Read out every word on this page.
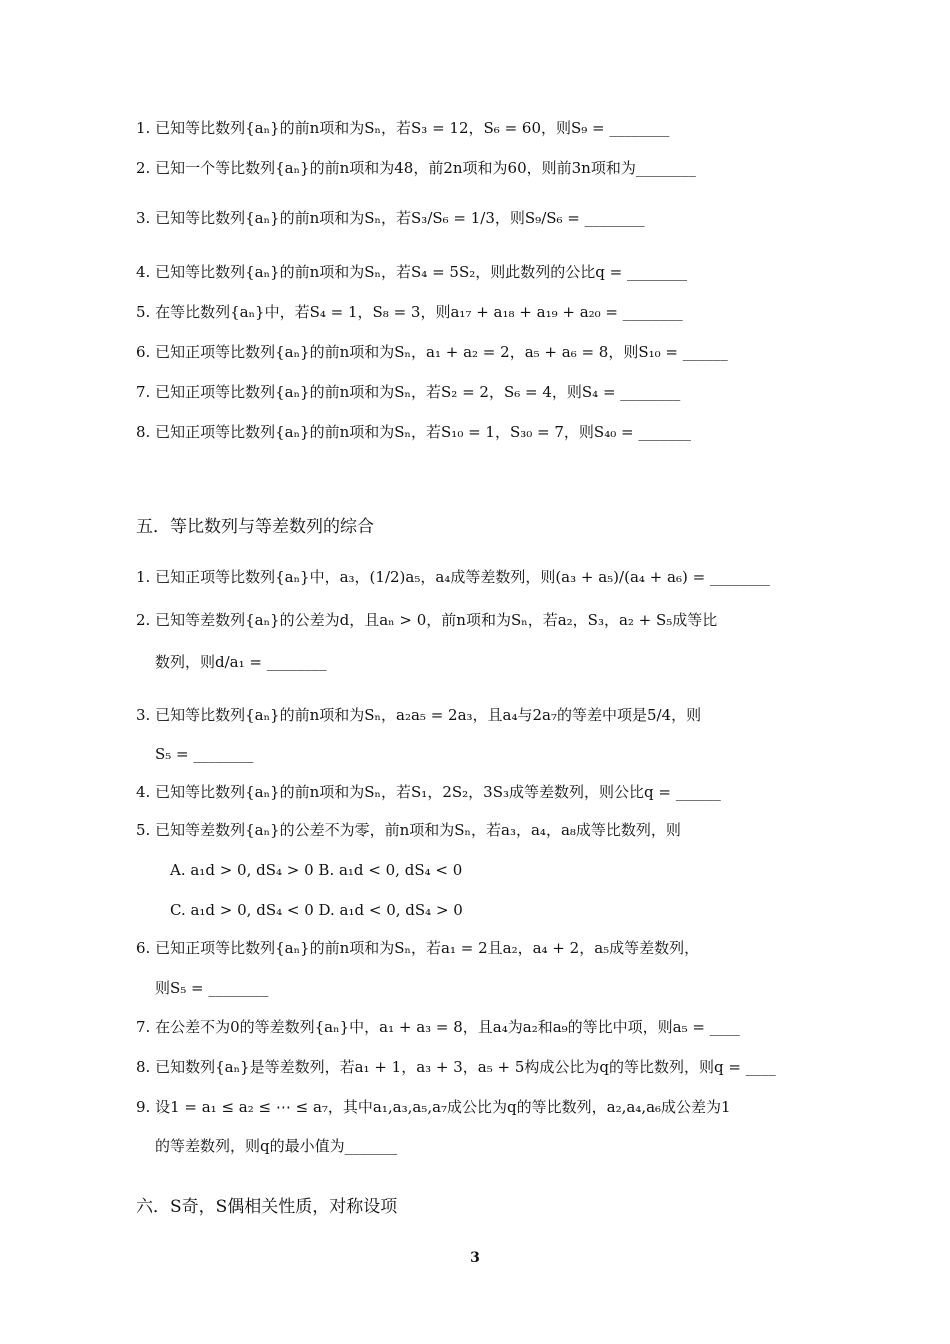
1. 已知等比数列{aₙ}的前n项和为Sₙ，若S₃ = 12，S₆ = 60，则S₉ = ________
2. 已知一个等比数列{aₙ}的前n项和为48，前2n项和为60，则前3n项和为________
3. 已知等比数列{aₙ}的前n项和为Sₙ，若S₃/S₆ = 1/3，则S₉/S₆ = ________
4. 已知等比数列{aₙ}的前n项和为Sₙ，若S₄ = 5S₂，则此数列的公比q = ________
5. 在等比数列{aₙ}中，若S₄ = 1，S₈ = 3，则a₁₇ + a₁₈ + a₁₉ + a₂₀ = ________
6. 已知正项等比数列{aₙ}的前n项和为Sₙ，a₁ + a₂ = 2，a₅ + a₆ = 8，则S₁₀ = ______
7. 已知正项等比数列{aₙ}的前n项和为Sₙ，若S₂ = 2，S₆ = 4，则S₄ = ________
8. 已知正项等比数列{aₙ}的前n项和为Sₙ，若S₁₀ = 1，S₃₀ = 7，则S₄₀ = _______
五．等比数列与等差数列的综合
1. 已知正项等比数列{aₙ}中，a₃，(1/2)a₅，a₄成等差数列，则(a₃ + a₅)/(a₄ + a₆) = ________
2. 已知等差数列{aₙ}的公差为d，且aₙ > 0，前n项和为Sₙ，若a₂，S₃，a₂ + S₅成等比
数列，则d/a₁ = ________
3. 已知等比数列{aₙ}的前n项和为Sₙ，a₂a₅ = 2a₃，且a₄与2a₇的等差中项是5/4，则
S₅ = ________
4. 已知等比数列{aₙ}的前n项和为Sₙ，若S₁，2S₂，3S₃成等差数列，则公比q = ______
5. 已知等差数列{aₙ}的公差不为零，前n项和为Sₙ，若a₃，a₄，a₈成等比数列，则
A. a₁d > 0, dS₄ > 0 B. a₁d < 0, dS₄ < 0
C. a₁d > 0, dS₄ < 0 D. a₁d < 0, dS₄ > 0
6. 已知正项等比数列{aₙ}的前n项和为Sₙ，若a₁ = 2且a₂，a₄ + 2，a₅成等差数列，
则S₅ = ________
7. 在公差不为0的等差数列{aₙ}中，a₁ + a₃ = 8，且a₄为a₂和a₉的等比中项，则a₅ = ____
8. 已知数列{aₙ}是等差数列，若a₁ + 1，a₃ + 3，a₅ + 5构成公比为q的等比数列，则q = ____
9. 设1 = a₁ ≤ a₂ ≤ ⋯ ≤ a₇，其中a₁,a₃,a₅,a₇成公比为q的等比数列，a₂,a₄,a₆成公差为1
的等差数列，则q的最小值为_______
六．S奇，S偶相关性质，对称设项
3
